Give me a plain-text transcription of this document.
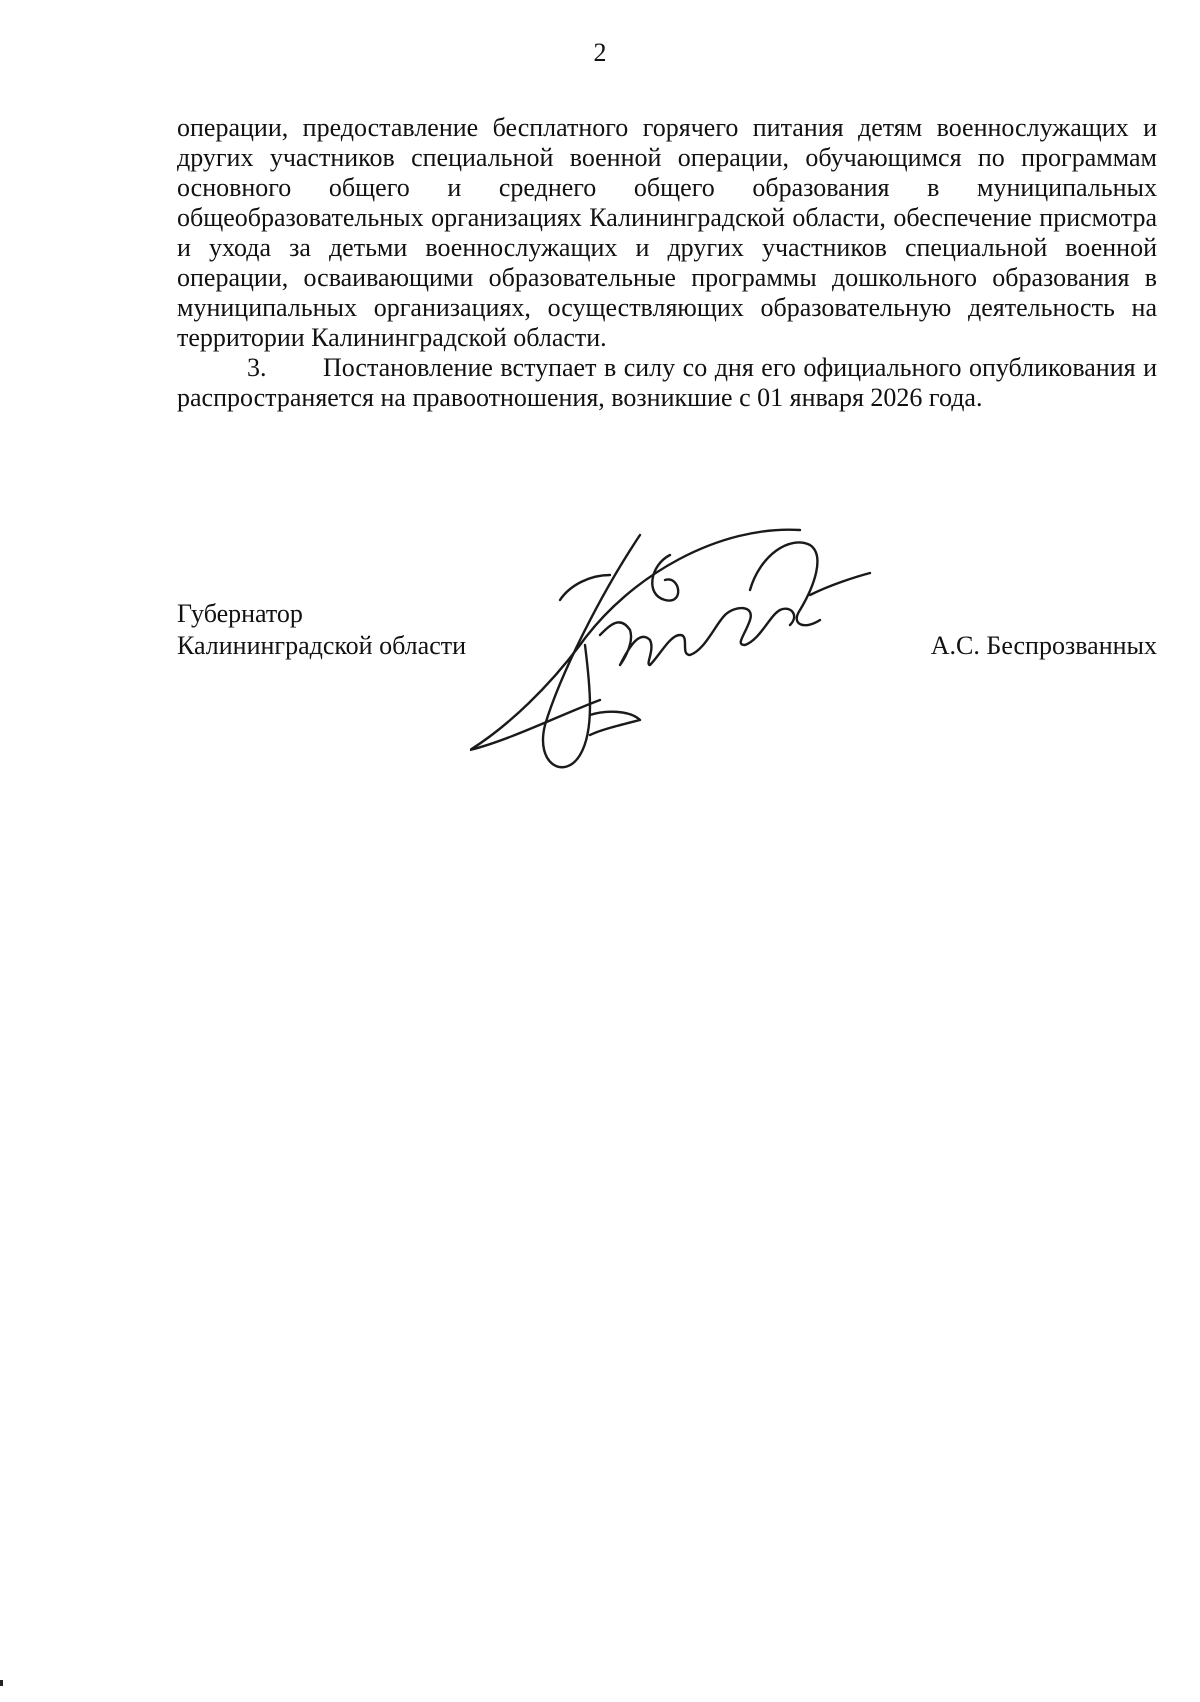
2

операции, предоставление бесплатного горячего питания детям военнослужащих и других участников специальной военной операции, обучающимся по программам основного общего и среднего общего образования в муниципальных общеобразовательных организациях Калининградской области, обеспечение присмотра и ухода за детьми военнослужащих и других участников специальной военной операции, осваивающими образовательные программы дошкольного образования в муниципальных организациях, осуществляющих образовательную деятельность на территории Калининградской области.

3. Постановление вступает в силу со дня его официального опубликования и распространяется на правоотношения, возникшие с 01 января 2026 года.

Губернатор
Калининградской области	А.С. Беспрозванных
